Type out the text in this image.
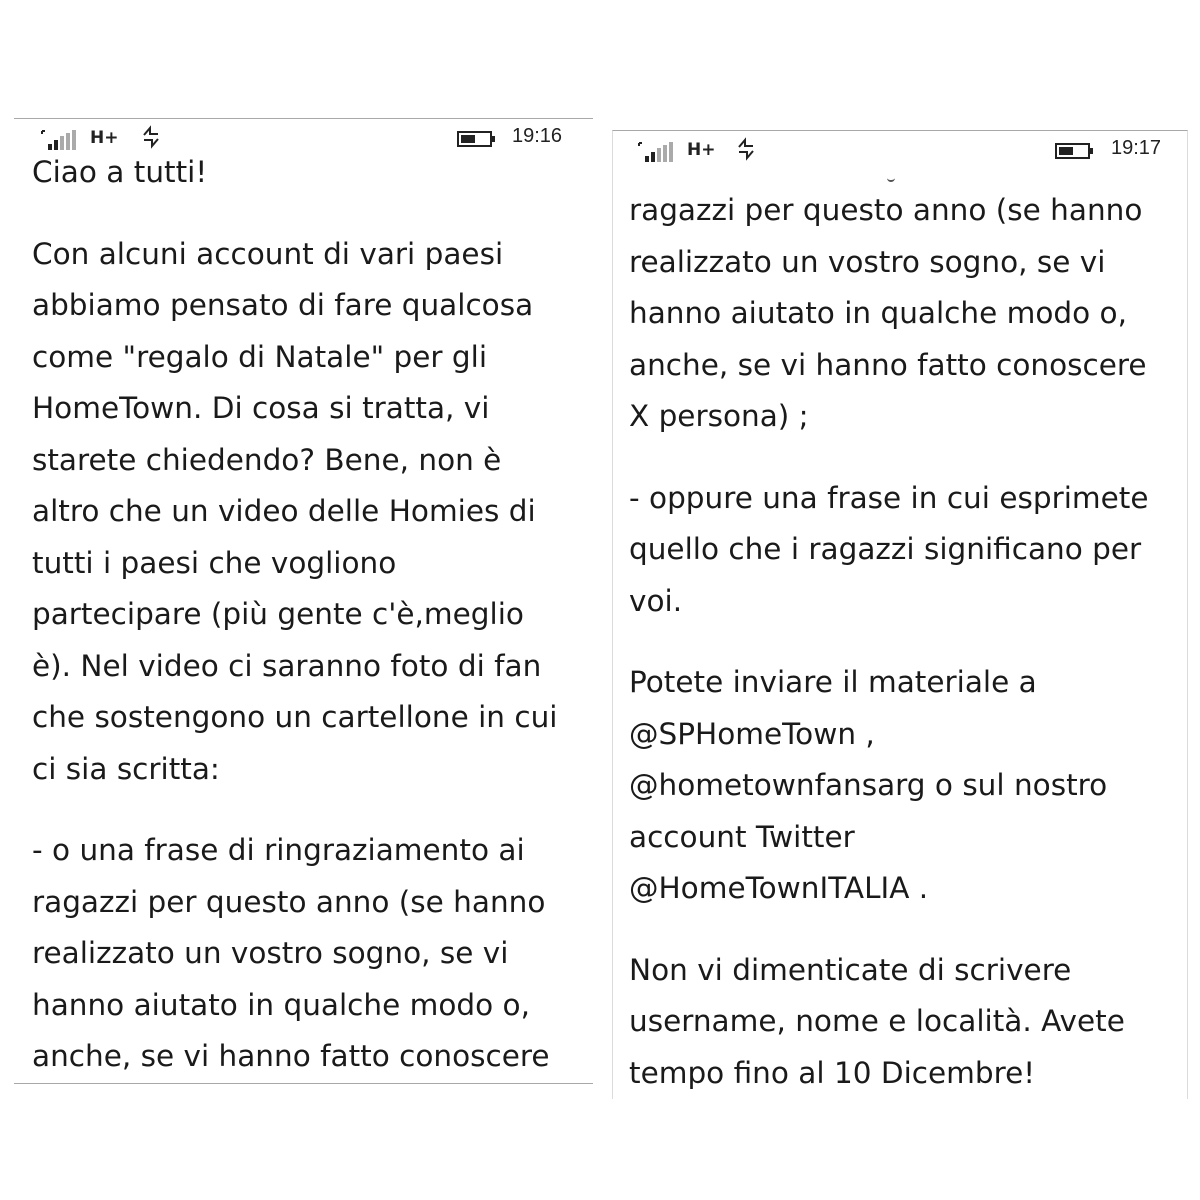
H+	19:16
Ciao a tutti!
Con alcuni account di vari paesi
abbiamo pensato di fare qualcosa
come "regalo di Natale" per gli
HomeTown. Di cosa si tratta, vi
starete chiedendo? Bene, non è
altro che un video delle Homies di
tutti i paesi che vogliono
partecipare (più gente c'è,meglio
è). Nel video ci saranno foto di fan
che sostengono un cartellone in cui
ci sia scritta:
- o una frase di ringraziamento ai
ragazzi per questo anno (se hanno
realizzato un vostro sogno, se vi
hanno aiutato in qualche modo o,
anche, se vi hanno fatto conoscere
H+	19:17
ragazzi per questo anno (se hanno
realizzato un vostro sogno, se vi
hanno aiutato in qualche modo o,
anche, se vi hanno fatto conoscere
X persona) ;
- oppure una frase in cui esprimete
quello che i ragazzi significano per
voi.
Potete inviare il materiale a
@SPHomeTown ,
@hometownfansarg o sul nostro
account Twitter
@HomeTownITALIA .
Non vi dimenticate di scrivere
username, nome e località. Avete
tempo fino al 10 Dicembre!
